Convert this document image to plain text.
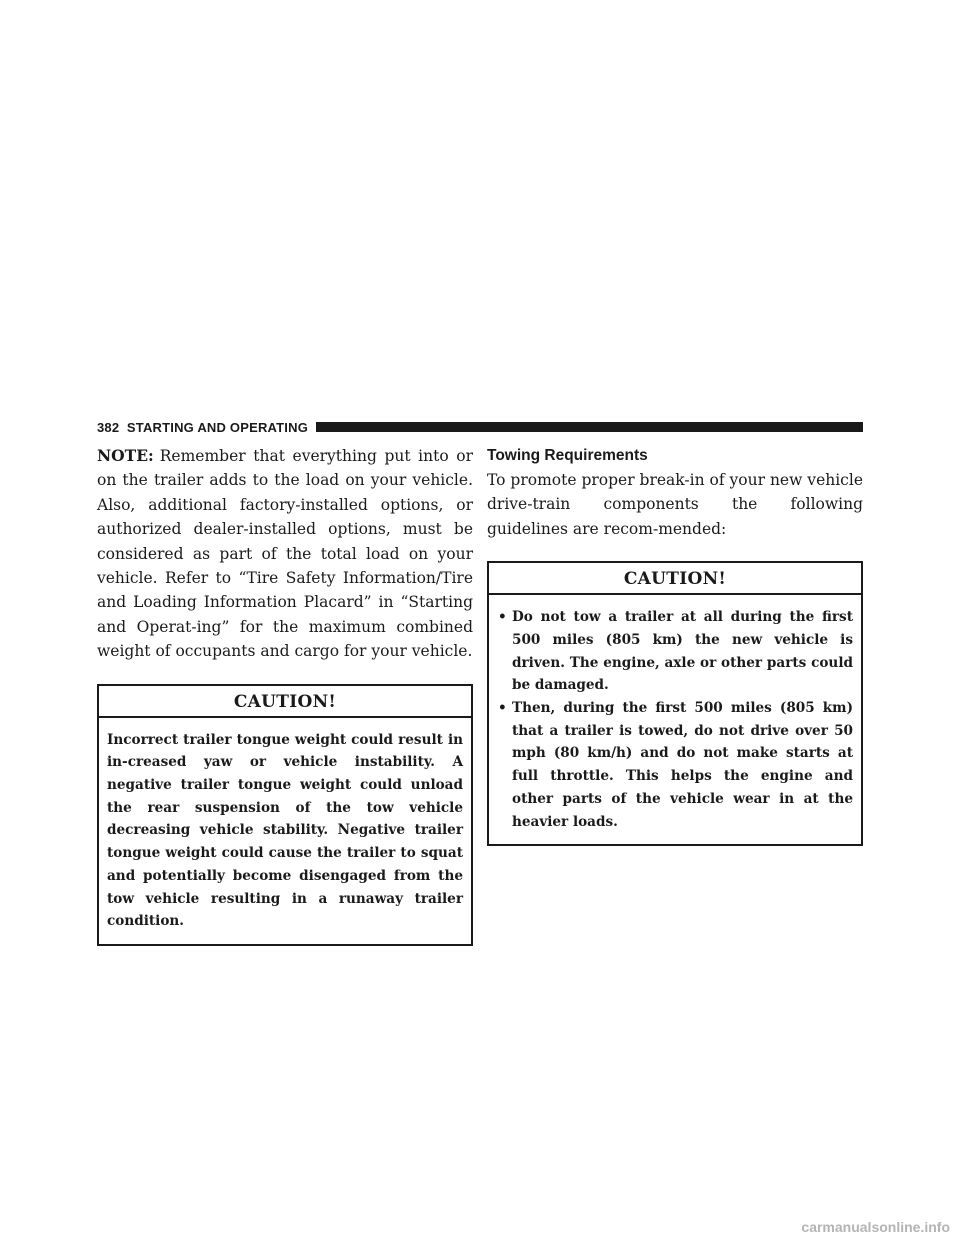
382 STARTING AND OPERATING

NOTE: Remember that everything put into or on the trailer adds to the load on your vehicle. Also, additional factory-installed options, or authorized dealer-installed options, must be considered as part of the total load on your vehicle. Refer to “Tire Safety Information/Tire and Loading Information Placard” in “Starting and Operat-ing” for the maximum combined weight of occupants and cargo for your vehicle.

CAUTION!
Incorrect trailer tongue weight could result in in-creased yaw or vehicle instability. A negative trailer tongue weight could unload the rear suspension of the tow vehicle decreasing vehicle stability. Negative trailer tongue weight could cause the trailer to squat and potentially become disengaged from the tow vehicle resulting in a runaway trailer condition.
Towing Requirements

To promote proper break-in of your new vehicle drive-train components the following guidelines are recom-mended:

CAUTION!
• Do not tow a trailer at all during the first 500 miles (805 km) the new vehicle is driven. The engine, axle or other parts could be damaged.
• Then, during the first 500 miles (805 km) that a trailer is towed, do not drive over 50 mph (80 km/h) and do not make starts at full throttle. This helps the engine and other parts of the vehicle wear in at the heavier loads.
carmanualsonline.info
